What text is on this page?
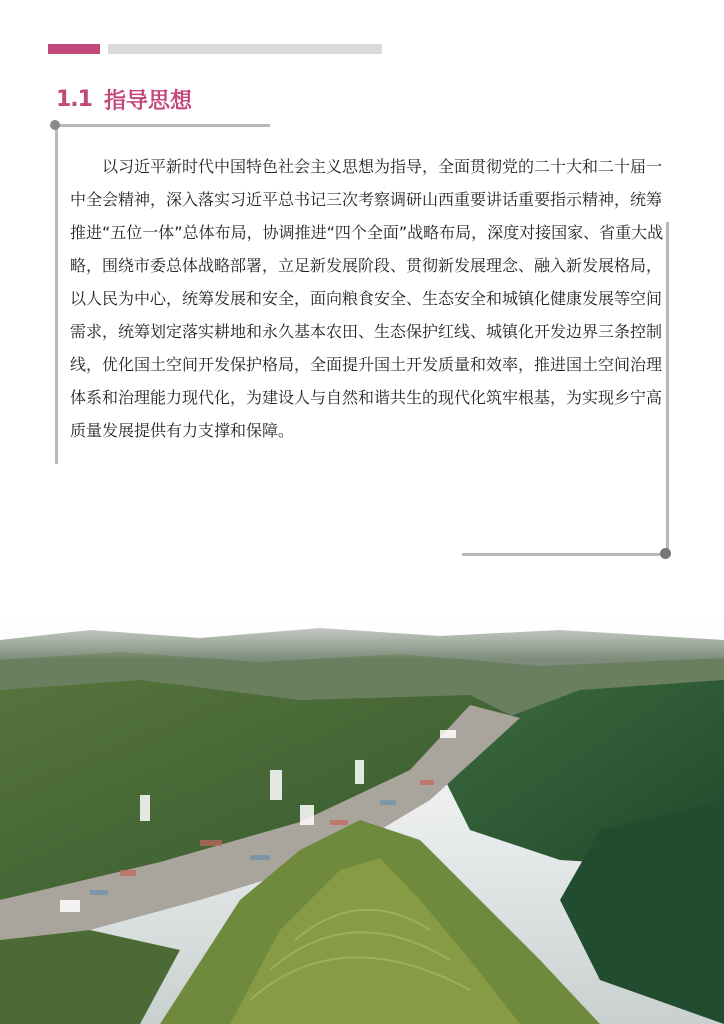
1.1 指导思想

以习近平新时代中国特色社会主义思想为指导，全面贯彻党的二十大和二十届一中全会精神，深入落实习近平总书记三次考察调研山西重要讲话重要指示精神，统筹推进“五位一体”总体布局，协调推进“四个全面”战略布局，深度对接国家、省重大战略，围绕市委总体战略部署，立足新发展阶段、贯彻新发展理念、融入新发展格局，以人民为中心，统筹发展和安全，面向粮食安全、生态安全和城镇化健康发展等空间需求，统筹划定落实耕地和永久基本农田、生态保护红线、城镇化开发边界三条控制线，优化国土空间开发保护格局，全面提升国土开发质量和效率，推进国土空间治理体系和治理能力现代化，为建设人与自然和谐共生的现代化筑牢根基，为实现乡宁高质量发展提供有力支撑和保障。
